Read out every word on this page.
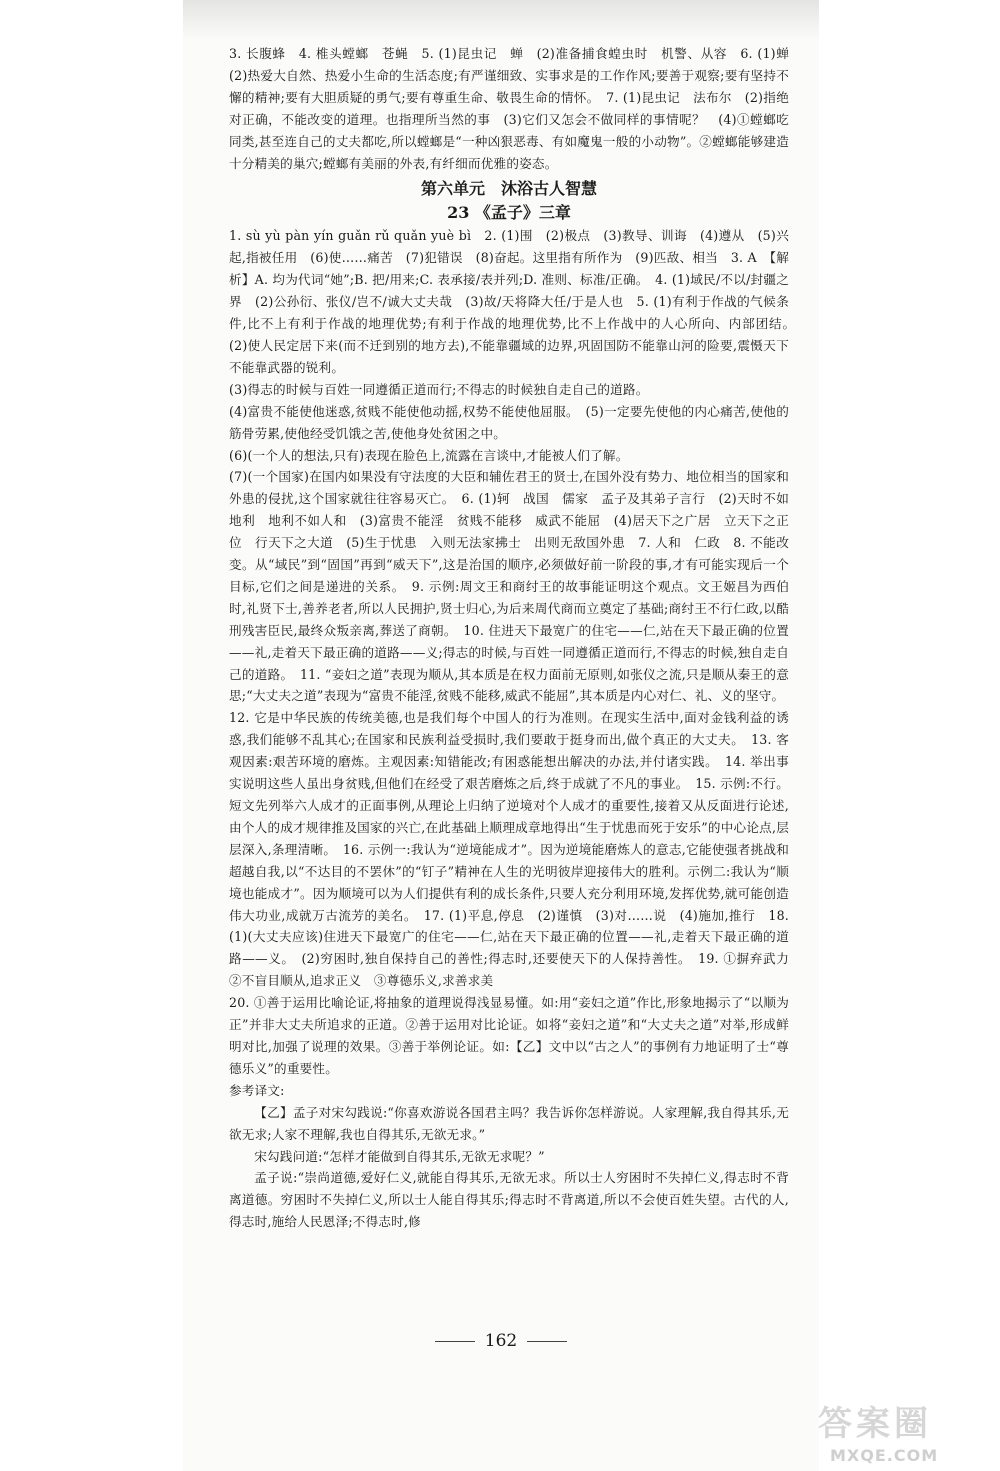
3. 长腹蜂　4. 椎头螳螂　苍蝇　5. (1)昆虫记　蝉　(2)准备捕食蝗虫时　机警、从容　6. (1)蝉　(2)热爱大自然、热爱小生命的生活态度;有严谨细致、实事求是的工作作风;要善于观察;要有坚持不懈的精神;要有大胆质疑的勇气;要有尊重生命、敬畏生命的情怀。　7. (1)昆虫记　法布尔　(2)指绝对正确，不能改变的道理。也指理所当然的事　(3)它们又怎会不做同样的事情呢？　(4)①螳螂吃同类,甚至连自己的丈夫都吃,所以螳螂是“一种凶狠恶毒、有如魔鬼一般的小动物”。②螳螂能够建造十分精美的巢穴;螳螂有美丽的外表,有纤细而优雅的姿态。

第六单元　沐浴古人智慧
23 《孟子》三章

1. sù yù pàn yín guǎn rǔ quǎn yuè bì　2. (1)围　(2)极点　(3)教导、训诲　(4)遵从　(5)兴起,指被任用　(6)使……痛苦　(7)犯错误　(8)奋起。这里指有所作为　(9)匹敌、相当　3. A　【解析】A. 均为代词“她”;B. 把/用来;C. 表承接/表并列;D. 准则、标准/正确。　4. (1)域民/不以/封疆之界　(2)公孙衍、张仪/岂不/诚大丈夫哉　(3)故/天将降大任/于是人也　5. (1)有利于作战的气候条件,比不上有利于作战的地理优势;有利于作战的地理优势,比不上作战中的人心所向、内部团结。　(2)使人民定居下来(而不迁到别的地方去),不能靠疆域的边界,巩固国防不能靠山河的险要,震慑天下不能靠武器的锐利。

(3)得志的时候与百姓一同遵循正道而行;不得志的时候独自走自己的道路。

(4)富贵不能使他迷惑,贫贱不能使他动摇,权势不能使他屈服。　(5)一定要先使他的内心痛苦,使他的筋骨劳累,使他经受饥饿之苦,使他身处贫困之中。

(6)(一个人的想法,只有)表现在脸色上,流露在言谈中,才能被人们了解。

(7)(一个国家)在国内如果没有守法度的大臣和辅佐君王的贤士,在国外没有势力、地位相当的国家和外患的侵扰,这个国家就往往容易灭亡。　6. (1)轲　战国　儒家　孟子及其弟子言行　(2)天时不如地利　地利不如人和　(3)富贵不能淫　贫贱不能移　威武不能屈　(4)居天下之广居　立天下之正位　行天下之大道　(5)生于忧患　入则无法家拂士　出则无敌国外患　7. 人和　仁政　8. 不能改变。从“域民”到“固国”再到“威天下”,这是治国的顺序,必须做好前一阶段的事,才有可能实现后一个目标,它们之间是递进的关系。　9. 示例:周文王和商纣王的故事能证明这个观点。文王姬昌为西伯时,礼贤下士,善养老者,所以人民拥护,贤士归心,为后来周代商而立奠定了基础;商纣王不行仁政,以酷刑残害臣民,最终众叛亲离,葬送了商朝。　10. 住进天下最宽广的住宅——仁,站在天下最正确的位置——礼,走着天下最正确的道路——义;得志的时候,与百姓一同遵循正道而行,不得志的时候,独自走自己的道路。　11. “妾妇之道”表现为顺从,其本质是在权力面前无原则,如张仪之流,只是顺从秦王的意思;“大丈夫之道”表现为“富贵不能淫,贫贱不能移,威武不能屈”,其本质是内心对仁、礼、义的坚守。

12. 它是中华民族的传统美德,也是我们每个中国人的行为准则。在现实生活中,面对金钱利益的诱惑,我们能够不乱其心;在国家和民族利益受损时,我们要敢于挺身而出,做个真正的大丈夫。　13. 客观因素:艰苦环境的磨炼。主观因素:知错能改;有困惑能想出解决的办法,并付诸实践。　14. 举出事实说明这些人虽出身贫贱,但他们在经受了艰苦磨炼之后,终于成就了不凡的事业。　15. 示例:不行。短文先列举六人成才的正面事例,从理论上归纳了逆境对个人成才的重要性,接着又从反面进行论述,由个人的成才规律推及国家的兴亡,在此基础上顺理成章地得出“生于忧患而死于安乐”的中心论点,层层深入,条理清晰。　16. 示例一:我认为“逆境能成才”。因为逆境能磨炼人的意志,它能使强者挑战和超越自我,以“不达目的不罢休”的“钉子”精神在人生的光明彼岸迎接伟大的胜利。示例二:我认为“顺境也能成才”。因为顺境可以为人们提供有利的成长条件,只要人充分利用环境,发挥优势,就可能创造伟大功业,成就万古流芳的美名。　17. (1)平息,停息　(2)谨慎　(3)对……说　(4)施加,推行　18. (1)(大丈夫应该)住进天下最宽广的住宅——仁,站在天下最正确的位置——礼,走着天下最正确的道路——义。　(2)穷困时,独自保持自己的善性;得志时,还要使天下的人保持善性。　19. ①摒弃武力　②不盲目顺从,追求正义　③尊德乐义,求善求美

20. ①善于运用比喻论证,将抽象的道理说得浅显易懂。如:用“妾妇之道”作比,形象地揭示了“以顺为正”并非大丈夫所追求的正道。②善于运用对比论证。如将“妾妇之道”和“大丈夫之道”对举,形成鲜明对比,加强了说理的效果。③善于举例论证。如:【乙】文中以“古之人”的事例有力地证明了士“尊德乐义”的重要性。

参考译文:

【乙】孟子对宋勾践说:“你喜欢游说各国君主吗？我告诉你怎样游说。人家理解,我自得其乐,无欲无求;人家不理解,我也自得其乐,无欲无求。”

宋勾践问道:“怎样才能做到自得其乐,无欲无求呢？”

孟子说:“崇尚道德,爱好仁义,就能自得其乐,无欲无求。所以士人穷困时不失掉仁义,得志时不背离道德。穷困时不失掉仁义,所以士人能自得其乐;得志时不背离道,所以不会使百姓失望。古代的人,得志时,施给人民恩泽;不得志时,修

162
答案圈
MXQE.COM
